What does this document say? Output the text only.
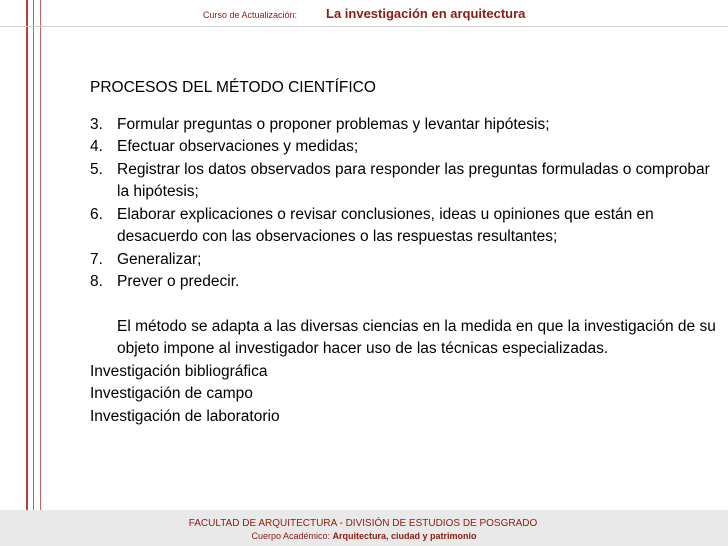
Curso de Actualización: La investigación en arquitectura
PROCESOS DEL MÉTODO CIENTÍFICO
3. Formular preguntas o proponer problemas y levantar hipótesis;
4. Efectuar observaciones y medidas;
5. Registrar los datos observados para responder las preguntas formuladas o comprobar la hipótesis;
6. Elaborar explicaciones o revisar conclusiones, ideas u opiniones que están en desacuerdo con las observaciones o las respuestas resultantes;
7. Generalizar;
8. Prever o predecir.
El método se adapta a las diversas ciencias en la medida en que la investigación de su objeto impone al investigador hacer uso de las técnicas especializadas.
Investigación bibliográfica
Investigación de campo
Investigación de laboratorio
FACULTAD DE ARQUITECTURA - DIVISIÓN DE ESTUDIOS DE POSGRADO
Cuerpo Académico: Arquitectura, ciudad y patrimonio
